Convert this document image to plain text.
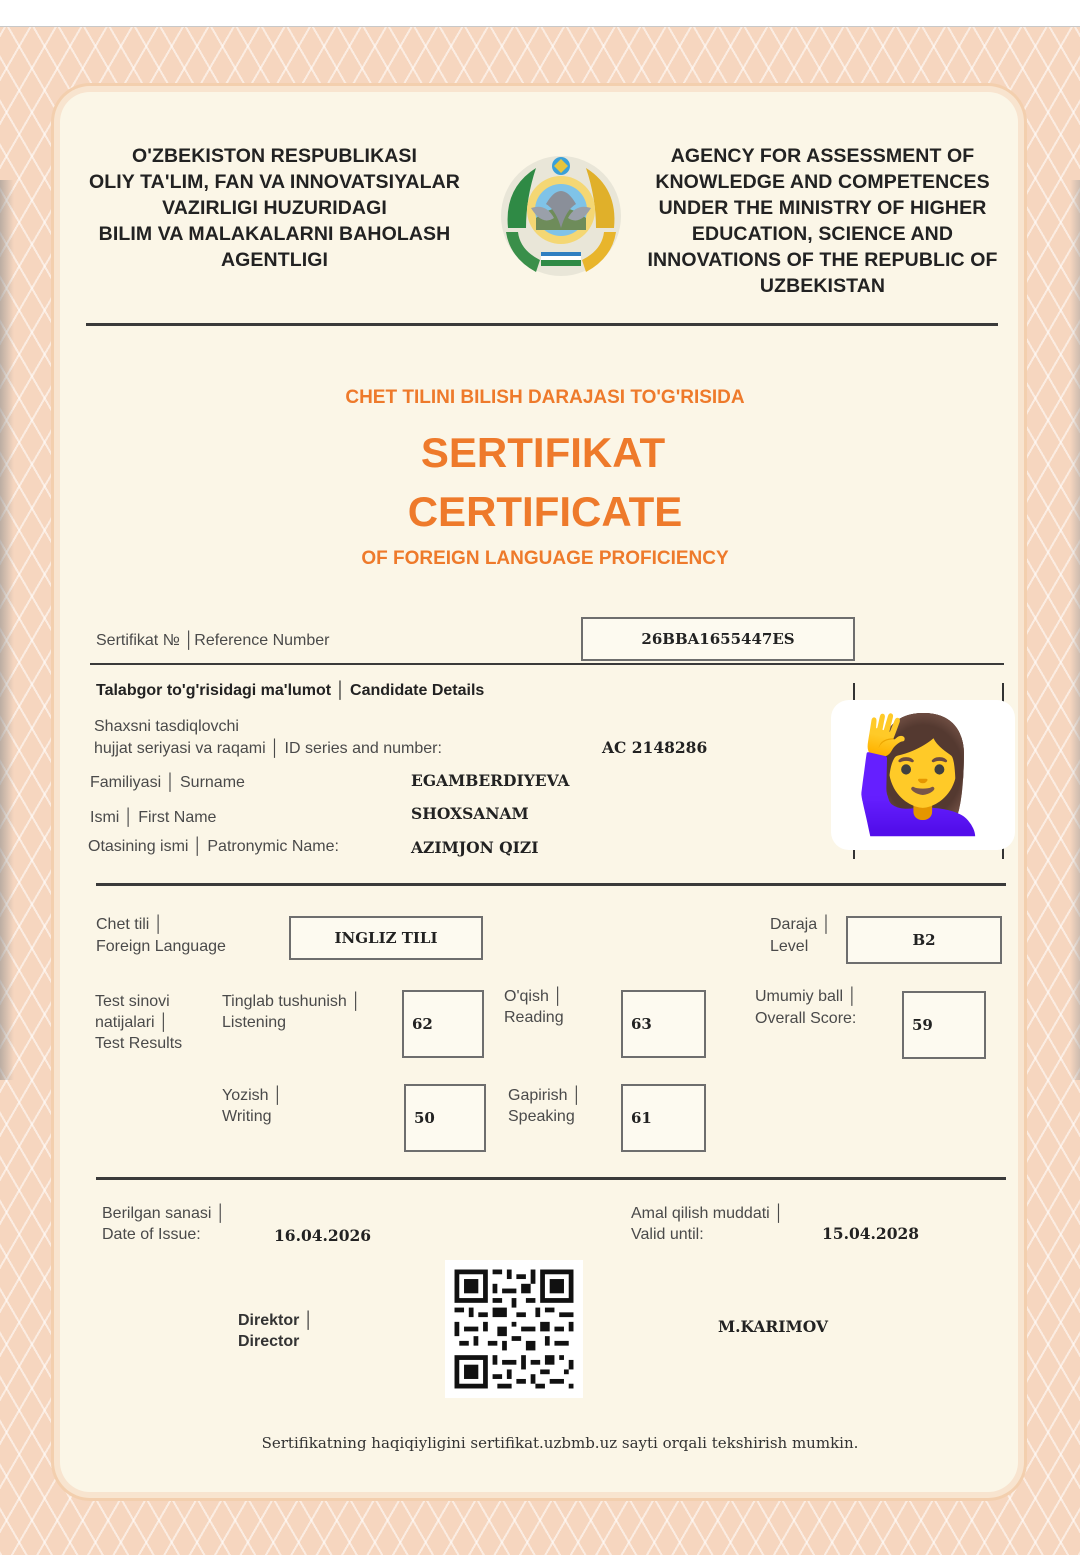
O'ZBEKISTON RESPUBLIKASI
OLIY TA'LIM, FAN VA INNOVATSIYALAR
VAZIRLIGI HUZURIDAGI
BILIM VA MALAKALARNI BAHOLASH
AGENTLIGI
AGENCY FOR ASSESSMENT OF
KNOWLEDGE AND COMPETENCES
UNDER THE MINISTRY OF HIGHER
EDUCATION, SCIENCE AND
INNOVATIONS OF THE REPUBLIC OF
UZBEKISTAN
CHET TILINI BILISH DARAJASI TO'G'RISIDA
SERTIFIKAT
CERTIFICATE
OF FOREIGN LANGUAGE PROFICIENCY
Sertifikat № │Reference Number	26BBA1655447ES
Talabgor to'g'risidagi ma'lumot │ Candidate Details
Shaxsni tasdiqlovchi
hujjat seriyasi va raqami │ ID series and number:	AC 2148286
Familiyasi │ Surname	EGAMBERDIYEVA
Ismi │ First Name	SHOXSANAM
Otasining ismi │ Patronymic Name:	AZIMJON QIZI
🙋‍♀️
Chet tili │
Foreign Language	INGLIZ TILI
Daraja │
Level	B2
Test sinovi
natijalari │
Test Results
Tinglab tushunish │
Listening	62
O'qish │
Reading	63
Umumiy ball │
Overall Score:	59
Yozish │
Writing	50
Gapirish │
Speaking	61
Berilgan sanasi │
Date of Issue:	16.04.2026
Amal qilish muddati │
Valid until:	15.04.2028
Direktor │
Director
M.KARIMOV
Sertifikatning haqiqiyligini sertifikat.uzbmb.uz sayti orqali tekshirish mumkin.
